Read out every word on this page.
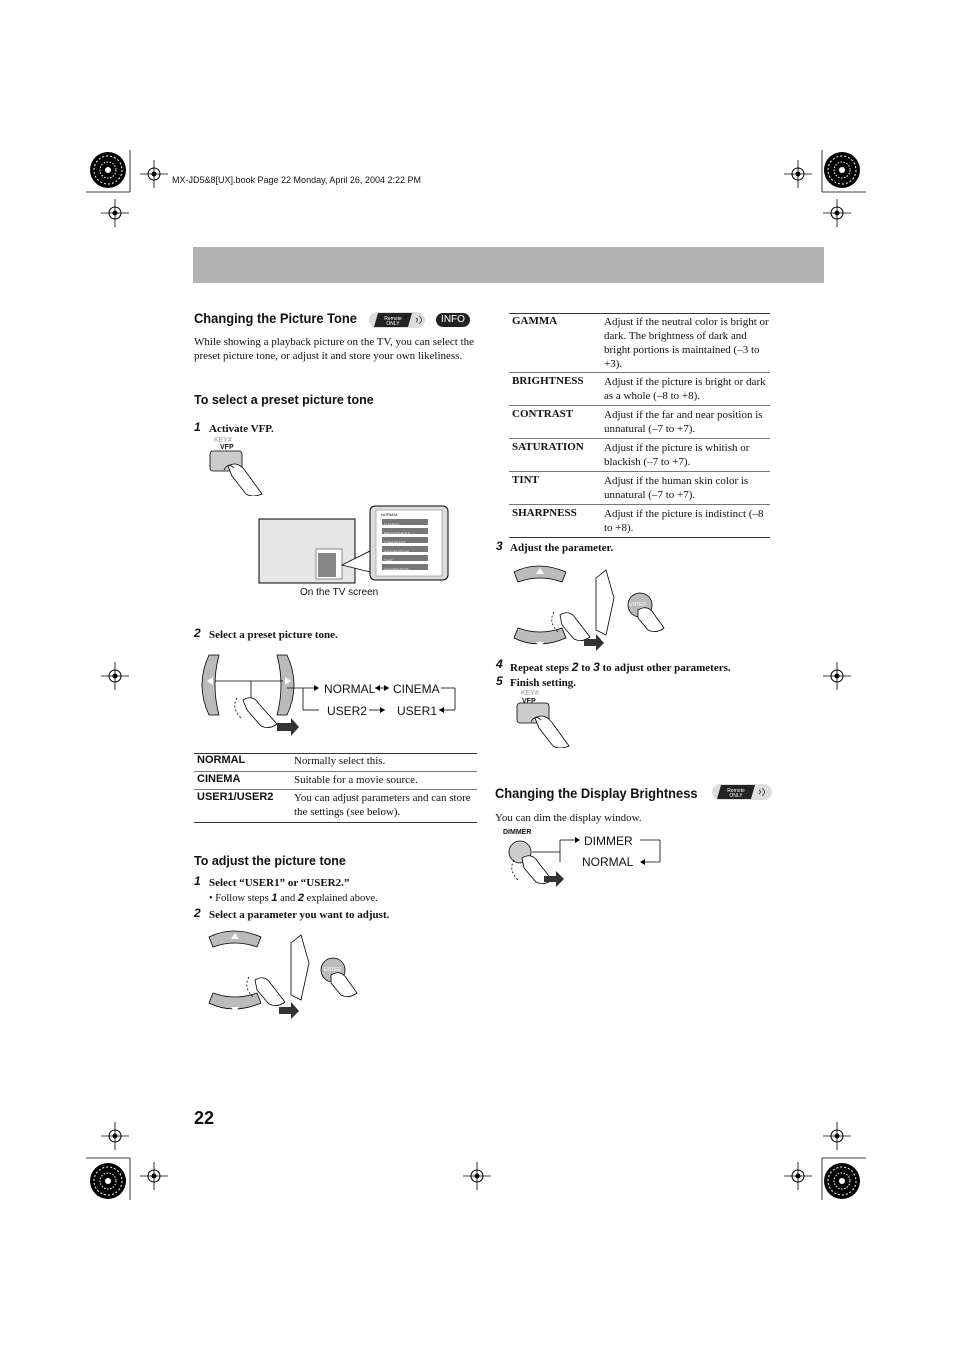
MX-JD5&8[UX].book Page 22 Monday, April 26, 2004 2:22 PM
Changing the Picture Tone	Remote
ONLY	INFO
While showing a playback picture on the TV, you can select the preset picture tone, or adjust it and store your own likeliness.
To select a preset picture tone
1 Activate VFP.
KEY#
VFP
NORMAL
GAMMA
BRIGHTNESS
CONTRAST
SATURATION
TINT
SHARPNESS
On the TV screen
2 Select a preset picture tone.
NORMAL CINEMA
USER2 USER1
NORMAL	Normally select this.
CINEMA	Suitable for a movie source.
USER1/USER2 You can adjust parameters and can store the settings (see below).
To adjust the picture tone
1 Select “USER1” or “USER2.”
• Follow steps 1 and 2 explained above.
2 Select a parameter you want to adjust.
ENTER
22
GAMMA	Adjust if the neutral color is bright or dark. The brightness of dark and bright portions is maintained (–3 to +3).
BRIGHTNESS Adjust if the picture is bright or dark as a whole (–8 to +8).
CONTRAST	Adjust if the far and near position is unnatural (–7 to +7).
SATURATION Adjust if the picture is whitish or blackish (–7 to +7).
TINT	Adjust if the human skin color is unnatural (–7 to +7).
SHARPNESS Adjust if the picture is indistinct (–8 to +8).
3 Adjust the parameter.
ENTER
4 Repeat steps 2 to 3 to adjust other parameters.
5 Finish setting.
KEY#
VFP
Changing the Display Brightness	Remote
ONLY
You can dim the display window.
DIMMER
DIMMER
NORMAL
